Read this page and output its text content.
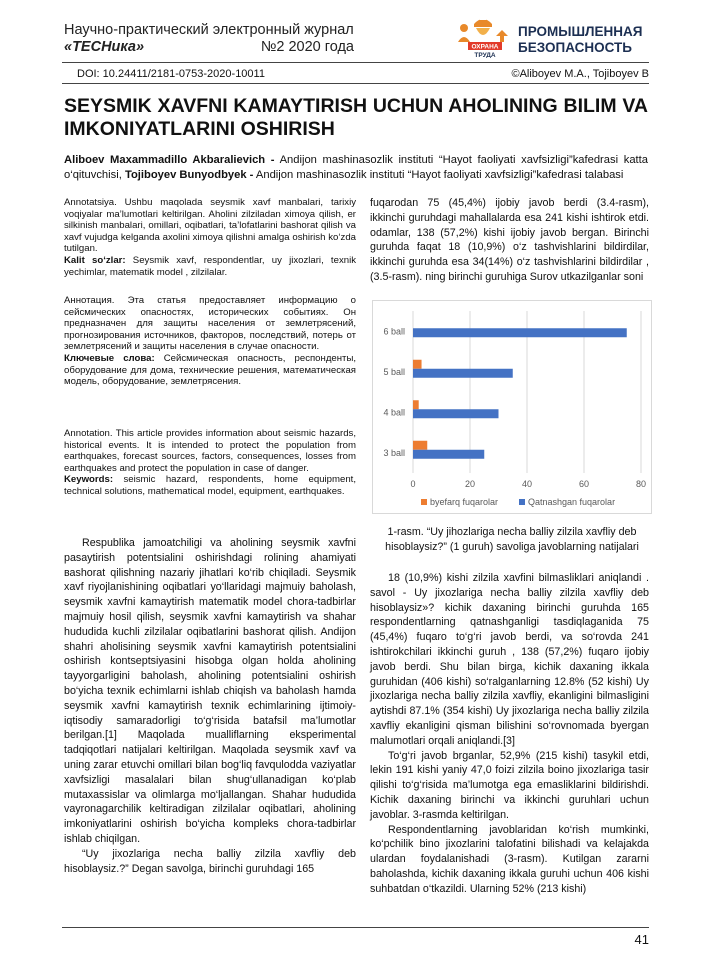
Научно-практический электронный журнал
«ТЕСНика»	№2 2020 года	ОХРАНА
ТРУДА
ПРОМЫШЛЕННАЯ
БЕЗОПАСНОСТЬ
DOI: 10.24411/2181-0753-2020-10011	©Aliboyev M.A., Tojiboyev B
SEYSMIK XAVFNI KAMAYTIRISH UCHUN AHOLINING BILIM VA IMKONIYATLARINI OSHIRISH
Aliboev Maxammadillo Akbaralievich - Andijon mashinasozlik instituti “Hayot faoliyati xavfsizligi”kafedrasi katta o‘qituvchisi, Tojiboyev Bunyodbyek - Andijon mashinasozlik instituti “Hayot faoliyati xavfsizligi”kafedrasi talabasi
Annotatsiya. Ushbu maqolada seysmik xavf manbalari, tarixiy voqiyalar ma’lumotlari keltirilgan. Aholini zilziladan ximoya qilish, er silkinish manbalari, omillari, oqibatlari, ta’lofatlarini bashorat qilish va xavf vujudga kelganda axolini ximoya qilishni amalga oshirish ko‘zda tutilgan.
Kalit so‘zlar: Seysmik xavf, respondentlar, uy jixozlari, texnik yechimlar, matematik model , zilzilalar.
Аннотация. Эта статья предоставляет информацию о сейсмических опасностях, исторических событиях. Он предназначен для защиты населения от землетрясений, прогнозирования источников, факторов, последствий, потерь от землетрясений и защиты населения в случае опасности.
Ключевые слова: Сейсмическая опасность, респонденты, оборудование для дома, технические решения, математическая модель, оборудование, землетрясения.
Annotation. This article provides information about seismic hazards, historical events. It is intended to protect the population from earthquakes, forecast sources, factors, consequences, losses from earthquakes and protect the population in case of danger.
Keywords: seismic hazard, respondents, home equipment, technical solutions, mathematical model, equipment, earthquakes.

Respublika jamoatchiligi va aholining seysmik xavfni pasaytirish potentsialini oshirishdagi rolining ahamiyati ваshorat qilishning nazariy jihatlari ko‘rib chiqiladi. Seysmik xavf riyojlanishining oqibatlari yo‘llaridagi majmuiy baholash, seysmik xavfni kamaytirish matematik model chora-tadbirlar majmuiy hosil qilish, seysmik xavfni kamaytirish va shahar hududida kuchli zilzilalar oqibatlarini bashorat qilish. Andijon shahri aholisining seysmik xavfni kamaytirish potentsialini oshirish kontseptsiyasini hisobga olgan holda aholining tayyorgarligini baholash, aholining potentsialini oshirish bo‘yicha texnik echimlarni ishlab chiqish va baholash hamda seysmik xavfni kamaytirish texnik echimlarining ijtimoiy-iqtisodiy samaradorligi to‘g‘risida batafsil ma’lumotlar berilgan.[1] Maqolada mualliflarning eksperimental tadqiqotlari natijalari keltirilgan. Maqolada seysmik xavf va uning zarar etuvchi omillari bilan bog‘liq favqulodda vaziyatlar xavfsizligi masalalari bilan shug‘ullanadigan ko‘plab mutaxassislar va olimlarga mo‘ljallangan. Shahar hududida vayronagarchilik keltiradigan zilzilalar oqibatlari, aholining imkoniyatlarini oshirish bo‘yicha kompleks chora-tadbirlar ishlab chiqilgan.

“Uy jixozlariga necha balliy zilzila xavfliy deb hisoblaysiz.?” Degan savolga, birinchi guruhdagi 165

fuqarodan 75 (45,4%) ijobiy javob berdi (3.4-rasm), ikkinchi guruhdagi mahallalarda esa 241 kishi ishtirok etdi. odamlar, 138 (57,2%) kishi ijobiy javob bergan. Birinchi guruhda faqat 18 (10,9%) o‘z tashvishlarini bildirdilar, ikkinchi guruhda esa 34(14%) o‘z tashvishlarini bildirdilar , (3.5-rasm). ning birinchi guruhiga Surov utkazilganlar soni

0	20	40	60	80
3 ball
4 ball
5 ball
6 ball
byefarq fuqarolar	Qatnashgan fuqarolar
1-rasm. “Uy jihozlariga necha balliy zilzila xavfliy deb hisoblaysiz?” (1 guruh) savoliga javoblarning natijalari

18 (10,9%) kishi zilzila xavfini bilmasliklari aniqlandi . savol - Uy jixozlariga necha balliy zilzila xavfliy deb hisoblaysiz»? kichik daxaning birinchi guruhda 165 respondentlarning qatnashganligi tasdiqlaganida 75 (45,4%) fuqaro to‘g‘ri javob berdi, va so‘rovda 241 ishtirokchilari ikkinchi guruh , 138 (57,2%) fuqaro ijobiy javob berdi. Shu bilan birga, kichik daxaning ikkala guruhidan (406 kishi) so‘ralganlarning 12.8% (52 kishi) Uy jixozlariga necha balliy zilzila xavfliy, ekanligini bilmasligini aytishdi 87.1% (354 kishi) Uy jixozlariga necha balliy zilzila xavfliy ekanligini qisman bilishini so‘rovnomada byergan malumotlari orqali aniqlandi.[3]

To‘g‘ri javob brganlar, 52,9% (215 kishi) tasykil etdi, lekin 191 kishi yaniy 47,0 foizi zilzila boino jixozlariga tasir qilishi to‘g‘risida ma’lumotga ega emasliklarini bildirishdi. Kichik daxaning birinchi va ikkinchi guruhlari uchun javoblar. 3-rasmda keltirilgan.

Respondentlarning javoblaridan ko‘rish mumkinki, ko‘pchilik bino jixozlarini talofatini bilishadi va kelajakda ulardan foydalanishadi (3-rasm). Kutilgan zararni baholashda, kichik daxaning ikkala guruhi uchun 406 kishi suhbatdan o‘tkazildi. Ularning 52% (213 kishi)

41
